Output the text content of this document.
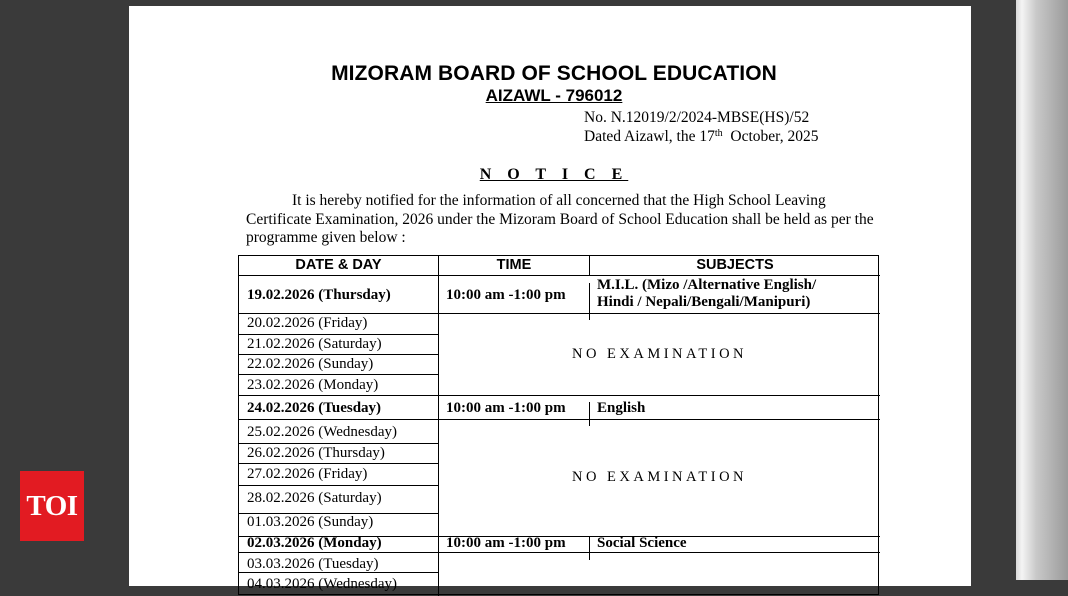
MIZORAM BOARD OF SCHOOL EDUCATION
AIZAWL - 796012
No. N.12019/2/2024-MBSE(HS)/52
Dated Aizawl, the 17th  October, 2025
N O T I C E
It is hereby notified for the information of all concerned that the High School Leaving Certificate Examination, 2026 under the Mizoram Board of School Education shall be held as per the programme given below :
DATE & DAY	TIME	SUBJECTS
19.02.2026 (Thursday)	10:00 am -1:00 pm
M.I.L. (Mizo /Alternative English/
Hindi / Nepali/Bengali/Manipuri)
20.02.2026 (Friday)
21.02.2026 (Saturday)
22.02.2026 (Sunday)
23.02.2026 (Monday)
NO EXAMINATION
24.02.2026 (Tuesday)	10:00 am -1:00 pm English
25.02.2026 (Wednesday)
26.02.2026 (Thursday)
27.02.2026 (Friday)
28.02.2026 (Saturday)
01.03.2026 (Sunday)
NO EXAMINATION
02.03.2026 (Monday)	10:00 am -1:00 pm Social Science
03.03.2026 (Tuesday)
04.03.2026 (Wednesday)
TOI
